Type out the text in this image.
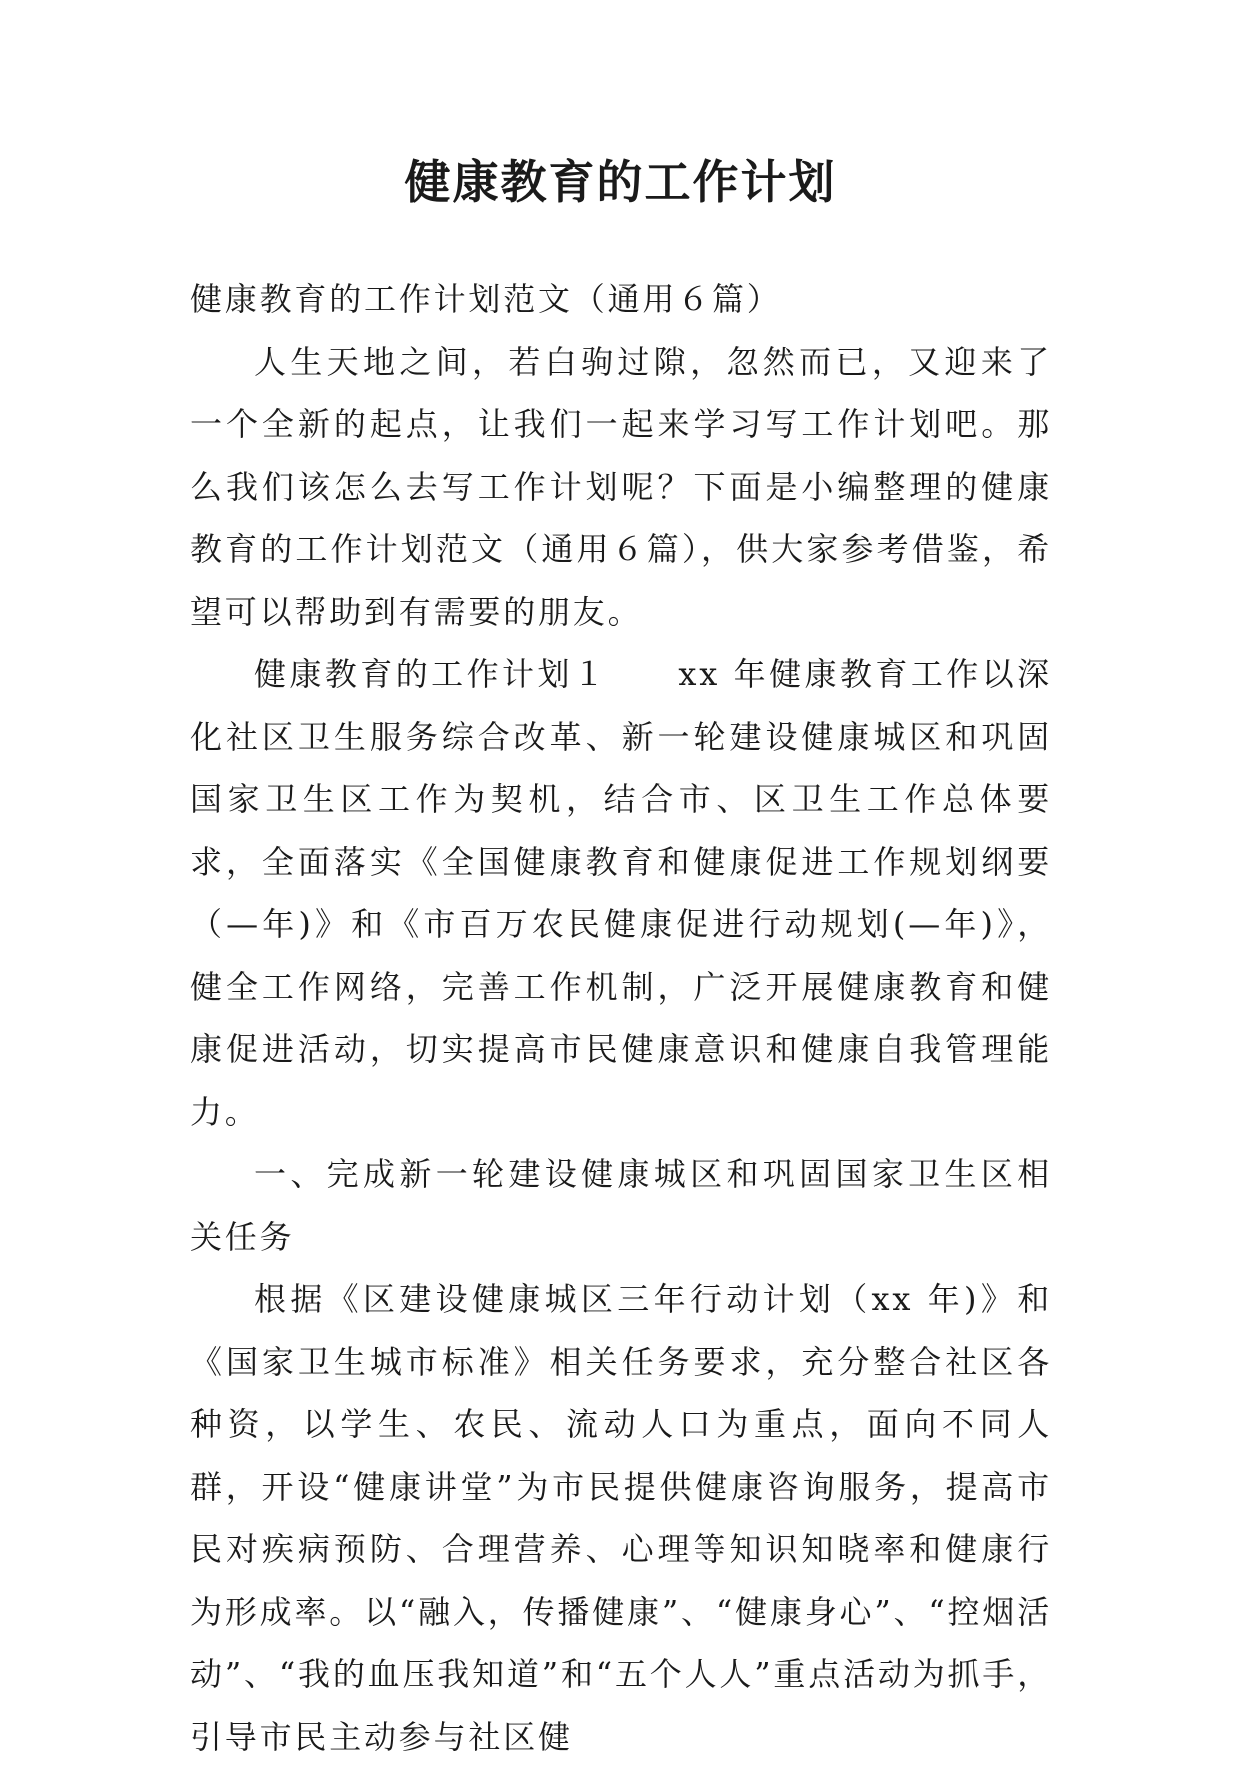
健康教育的工作计划

健康教育的工作计划范文（通用６篇）

人生天地之间，若白驹过隙，忽然而已，又迎来了一个全新的起点，让我们一起来学习写工作计划吧。那么我们该怎么去写工作计划呢？下面是小编整理的健康教育的工作计划范文（通用６篇），供大家参考借鉴，希望可以帮助到有需要的朋友。

健康教育的工作计划１ xx 年健康教育工作以深化社区卫生服务综合改革、新一轮建设健康城区和巩固国家卫生区工作为契机，结合市、区卫生工作总体要求，全面落实《全国健康教育和健康促进工作规划纲要（—年)》和《市百万农民健康促进行动规划(—年)》，健全工作网络，完善工作机制，广泛开展健康教育和健康促进活动，切实提高市民健康意识和健康自我管理能力。

一、完成新一轮建设健康城区和巩固国家卫生区相关任务

根据《区建设健康城区三年行动计划（xx 年)》和《国家卫生城市标准》相关任务要求，充分整合社区各种资，以学生、农民、流动人口为重点，面向不同人群，开设“健康讲堂”为市民提供健康咨询服务，提高市民对疾病预防、合理营养、心理等知识知晓率和健康行为形成率。以“融入，传播健康”、“健康身心”、“控烟活动”、“我的血压我知道”和“五个人人”重点活动为抓手，引导市民主动参与社区健
